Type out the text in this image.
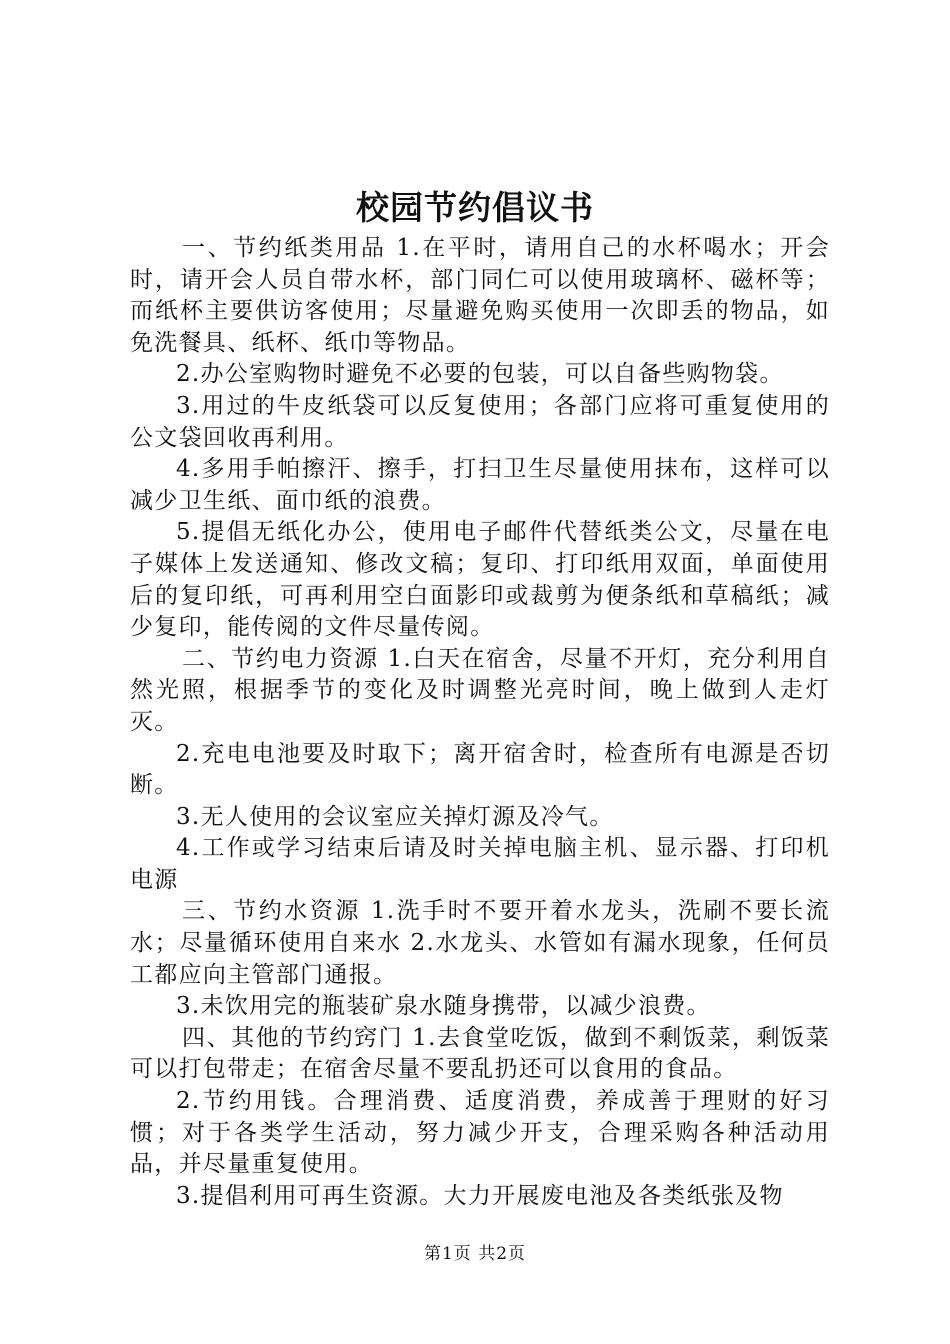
校园节约倡议书

一、节约纸类用品 1.在平时，请用自己的水杯喝水；开会时，请开会人员自带水杯，部门同仁可以使用玻璃杯、磁杯等；而纸杯主要供访客使用；尽量避免购买使用一次即丢的物品，如免洗餐具、纸杯、纸巾等物品。

2.办公室购物时避免不必要的包装，可以自备些购物袋。

3.用过的牛皮纸袋可以反复使用；各部门应将可重复使用的公文袋回收再利用。

4.多用手帕擦汗、擦手，打扫卫生尽量使用抹布，这样可以减少卫生纸、面巾纸的浪费。

5.提倡无纸化办公，使用电子邮件代替纸类公文，尽量在电子媒体上发送通知、修改文稿；复印、打印纸用双面，单面使用后的复印纸，可再利用空白面影印或裁剪为便条纸和草稿纸；减少复印，能传阅的文件尽量传阅。

二、节约电力资源 1.白天在宿舍，尽量不开灯，充分利用自然光照，根据季节的变化及时调整光亮时间，晚上做到人走灯灭。

2.充电电池要及时取下；离开宿舍时，检查所有电源是否切断。

3.无人使用的会议室应关掉灯源及冷气。

4.工作或学习结束后请及时关掉电脑主机、显示器、打印机电源

三、节约水资源 1.洗手时不要开着水龙头，洗刷不要长流水；尽量循环使用自来水 2.水龙头、水管如有漏水现象，任何员工都应向主管部门通报。

3.未饮用完的瓶装矿泉水随身携带，以减少浪费。

四、其他的节约窍门 1.去食堂吃饭，做到不剩饭菜，剩饭菜可以打包带走；在宿舍尽量不要乱扔还可以食用的食品。

2.节约用钱。合理消费、适度消费，养成善于理财的好习惯；对于各类学生活动，努力减少开支，合理采购各种活动用品，并尽量重复使用。

3.提倡利用可再生资源。大力开展废电池及各类纸张及物

第1页 共2页
